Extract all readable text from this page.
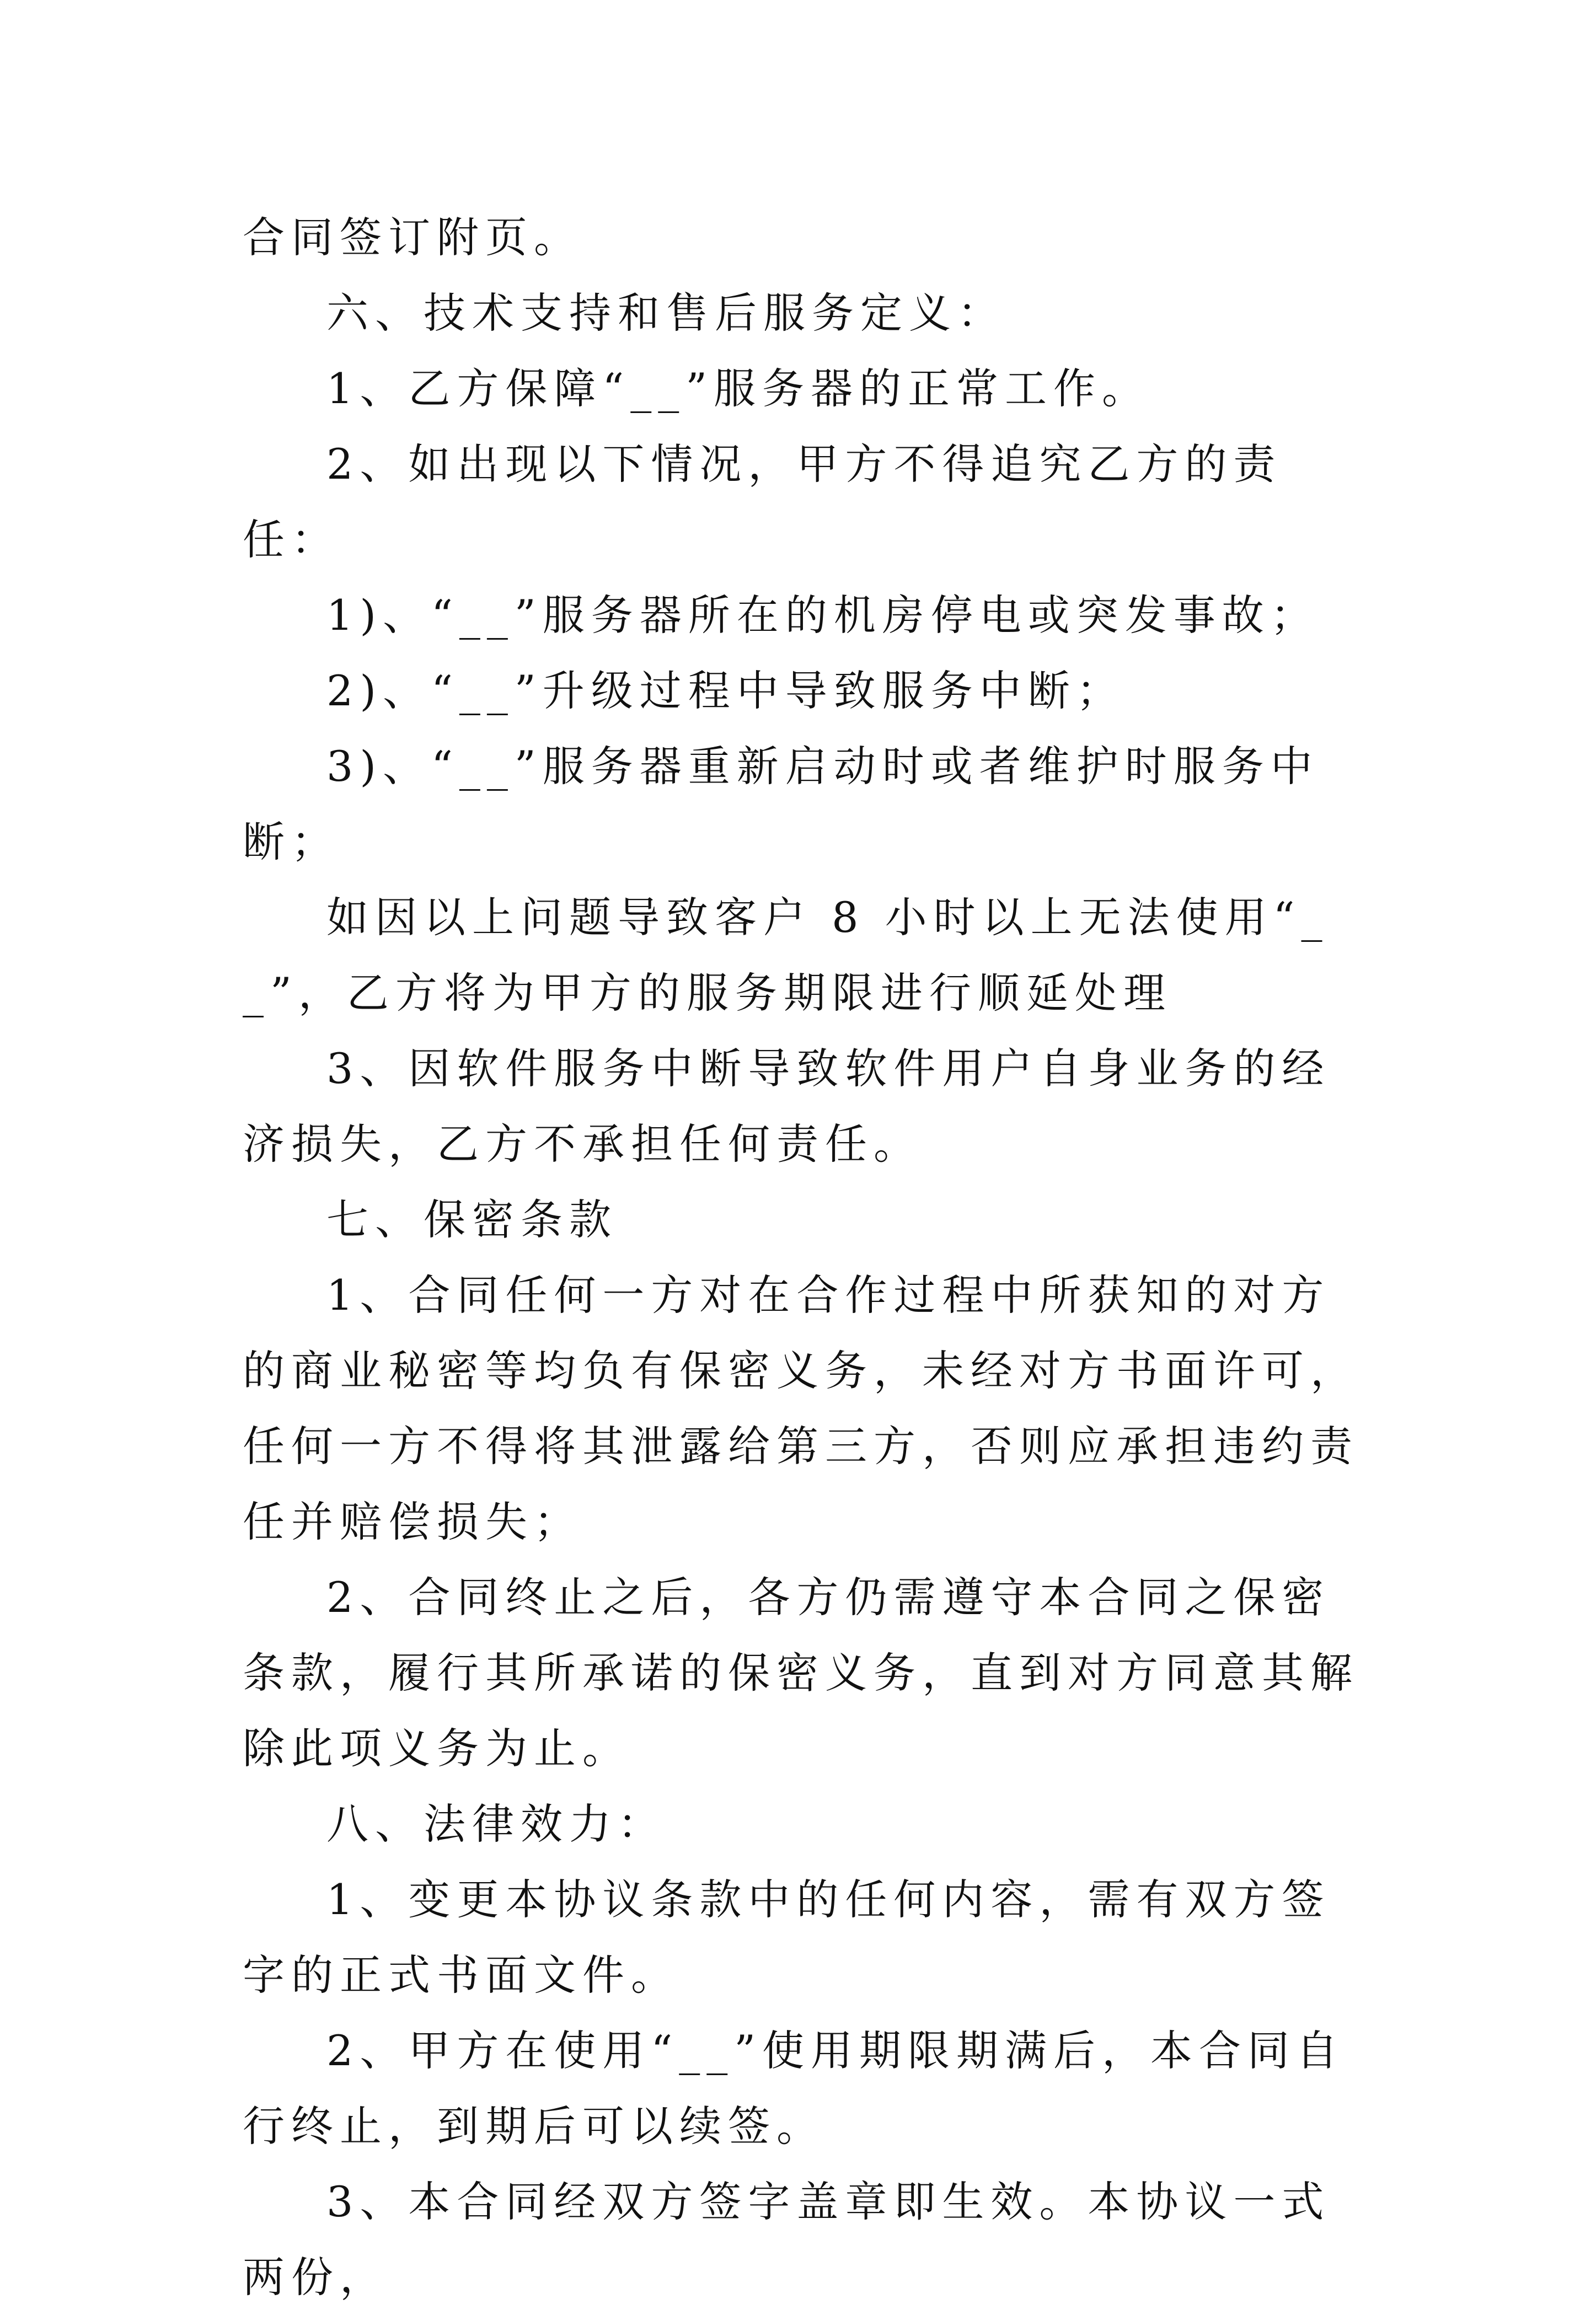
合同签订附页。

六、技术支持和售后服务定义：

1、乙方保障“__”服务器的正常工作。

2、如出现以下情况，甲方不得追究乙方的责任：

1)、“__”服务器所在的机房停电或突发事故；

2)、“__”升级过程中导致服务中断；

3)、“__”服务器重新启动时或者维护时服务中断；

如因以上问题导致客户 8 小时以上无法使用“__”，乙方将为甲方的服务期限进行顺延处理

3、因软件服务中断导致软件用户自身业务的经济损失，乙方不承担任何责任。

七、保密条款

1、合同任何一方对在合作过程中所获知的对方的商业秘密等均负有保密义务，未经对方书面许可，任何一方不得将其泄露给第三方，否则应承担违约责任并赔偿损失；

2、合同终止之后，各方仍需遵守本合同之保密条款，履行其所承诺的保密义务，直到对方同意其解除此项义务为止。

八、法律效力：

1、变更本协议条款中的任何内容，需有双方签字的正式书面文件。

2、甲方在使用“__”使用期限期满后，本合同自行终止，到期后可以续签。

3、本合同经双方签字盖章即生效。本协议一式两份，
